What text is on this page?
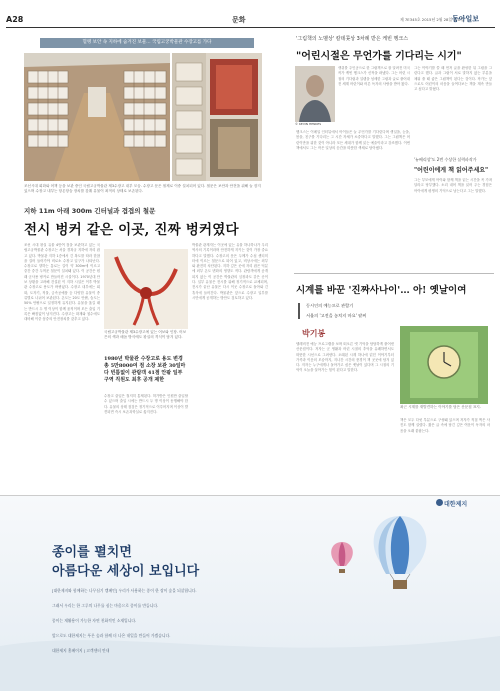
A28	문화	제 7E345호 2015년 2월 28일 토요일
동아일보
혈맹 보안 속 지하에 숨겨진 보물… 국립고궁박물관 수장고를 가다
조선시대 회화와 어책 등을 보관 중인 국립고궁박물관 제3수장고 내부 모습. 수장고 문은 철제로 이중 설치되어 있다. 철문은 보안과 안전을 위해 늘 잠겨 있으며 수장고 내부는 항온항습 장치를 갖춰 유물이 최적의 상태로 보존된다.
지하 11m 아래 300m 긴터널과 겹겹의 철문
전시 벙커 같은 이곳, 진짜 벙커였다
조선 시대 왕실 유물 4만여 점을 보관하고 있는 국립고궁박물관 수장고는 서울 경복궁 지하에 자리 잡고 있다. 박물관 지하 1층에서 긴 복도를 따라 한참을 걸어 들어가야 비로소 수장고 입구가 나타난다. 수장고로 향하는 통로는 길이 약 300m에 이르고 중간 중간 두꺼운 철문이 설치돼 있다. 이 공간은 원래 군사용 벙커로 만들어진 시설이다. 1970년대 안보 상황을 고려해 건설된 이 지하 시설은 이후 박물관 수장고로 용도가 바뀌었다. 수장고 내부에는 회화, 도자기, 직물, 금속공예품 등 다양한 유물이 종류별로 나뉘어 보관된다. 온도는 20도 안팎, 습도는 50% 안팎으로 일정하게 유지된다. 유물을 옮길 때는 반드시 두 명 이상이 함께 움직이며 모든 출입 기록은 빠짐없이 남겨진다. 수장고는 화재와 침수에도 대비해 이중 삼중의 안전장치를 갖추고 있다.
국립고궁박물관 제3수장고에 있는 어보와 인장. 어보 끈의 색과 매듭 방식에도 왕실의 격식이 담겨 있다.
1980년 박물관 수장고로 용도 변경 총 5만8000여 점 소장 보관 30일마다 빈틈없이 관람객 41점 안팎 일부 구역 직원도 최후 공개 제한
수장고 출입은 철저히 통제된다. 허가받은 인원만 출입할 수 있으며 출입 시에는 반드시 두 명 이상이 동행해야 한다. 유물의 상태 점검은 정기적으로 이루어지며 이상이 발견되면 즉시 보존과학실로 옮겨진다.
박물관 관계자는 이곳에 있는 유물 하나하나가 우리 역사의 기록이라며 안전하게 지키는 것이 가장 중요하다고 말했다. 수장고의 문은 두께가 수십 센티미터에 이르는 철문으로 되어 있고, 비상시에는 외부와 완전히 차단된다. 지하 깊은 곳에 자리 잡은 덕분에 외부 온도 변화의 영향도 적다. 관람객에게 공개되지 않는 이 공간은 박물관의 심장과도 같은 곳이다. 일부 유물은 전시를 위해 정기적으로 교체되며, 전시가 끝난 유물은 다시 이곳 수장고로 돌아와 긴 휴식에 들어간다. 박물관은 앞으로 수장고 일부를 시민에게 공개하는 방안도 검토하고 있다.
'그림책의 노벨상' 칼데콧상 3차례 받은 케빈 헹크스
"어린시절은 무언가를 기다리는 시기"
© KEVIN HENKES
생쥐를 주인공으로 한 그림책으로 잘 알려진 미국 작가 케빈 헹크스가 신작을 펴냈다. 그는 어린 시절의 기다림과 설렘을 섬세한 그림과 글로 풀어내 전 세계 어린이와 어른 독자의 사랑을 받아 왔다.
헹크스는 이메일 인터뷰에서 아이들은 늘 무언가를 기다린다며 생일을, 눈을, 봄을, 친구를 기다리는 그 시간 자체가 소중하다고 말했다. 그는 그림책은 어린이만을 위한 것이 아니라 모든 세대가 함께 읽는 예술이라고 강조했다. 이번 책에서도 그는 작은 일상의 순간을 따뜻한 색채로 담아냈다.
그는 이야기를 쓸 때 먼저 글을 완성한 뒤 그림을 그린다고 했다. 글과 그림이 서로 말하지 않는 부분을 채워 줄 때 좋은 그림책이 된다는 것이다. 작가는 앞으로도 어린이의 마음을 들여다보는 책을 계속 만들고 싶다고 밝혔다.
'뉴베리상'도 2번 수상한 실력파작가
"어린이에게 책 읽어주세요"
그는 부모에게 아이와 함께 책을 읽는 시간을 꼭 가져 달라고 당부했다. 소리 내어 책을 읽어 주는 경험은 아이에게 평생의 기억으로 남는다고 그는 말했다.
시계를 바꾼 '진짜사나이'… 아! 옛날이여
동시인의 예능프로 관람기
서울의 '고전을 놓치지 마요' 팔찌
박기봉
텔레비전 예능 프로그램을 보며 떠오른 옛 기억을 담담하게 풀어낸 산문집이다. 저자는 군 생활과 어린 시절의 추억을 유쾌하면서도 따뜻한 시선으로 그려낸다. 오래된 시계 하나에 얽힌 이야기부터 가족과 이웃의 모습까지, 지나간 시간의 풍경이 책 곳곳에 담겨 있다. 저자는 누구에게나 돌아가고 싶은 옛날이 있다며 그 시절의 기억이 오늘을 살아가는 힘이 된다고 말한다.
최근 시계를 재발견하는 이야기를 담은 산문집 표지.
책은 모두 다섯 부분으로 구성돼 있으며 저자가 직접 찍은 사진도 함께 실렸다. 짧은 글 속에 담긴 깊은 여운이 독자의 마음을 오래 붙잡는다.
대한제지
종이를 펼치면
아름다운 세상이 보입니다
[대한제지와 함께하는 나무심기 캠페인] 우리가 사용하는 종이 한 장이 숲을 되살립니다.
그래서 우리는 한 그루의 나무를 심는 마음으로 종이를 만듭니다.
종이는 재활용이 가능한 자연 친화적인 소재입니다.
앞으로도 대한제지는 푸른 숲과 함께 더 나은 내일을 만들어 가겠습니다.
대한제지 홈페이지 | 고객센터 안내
